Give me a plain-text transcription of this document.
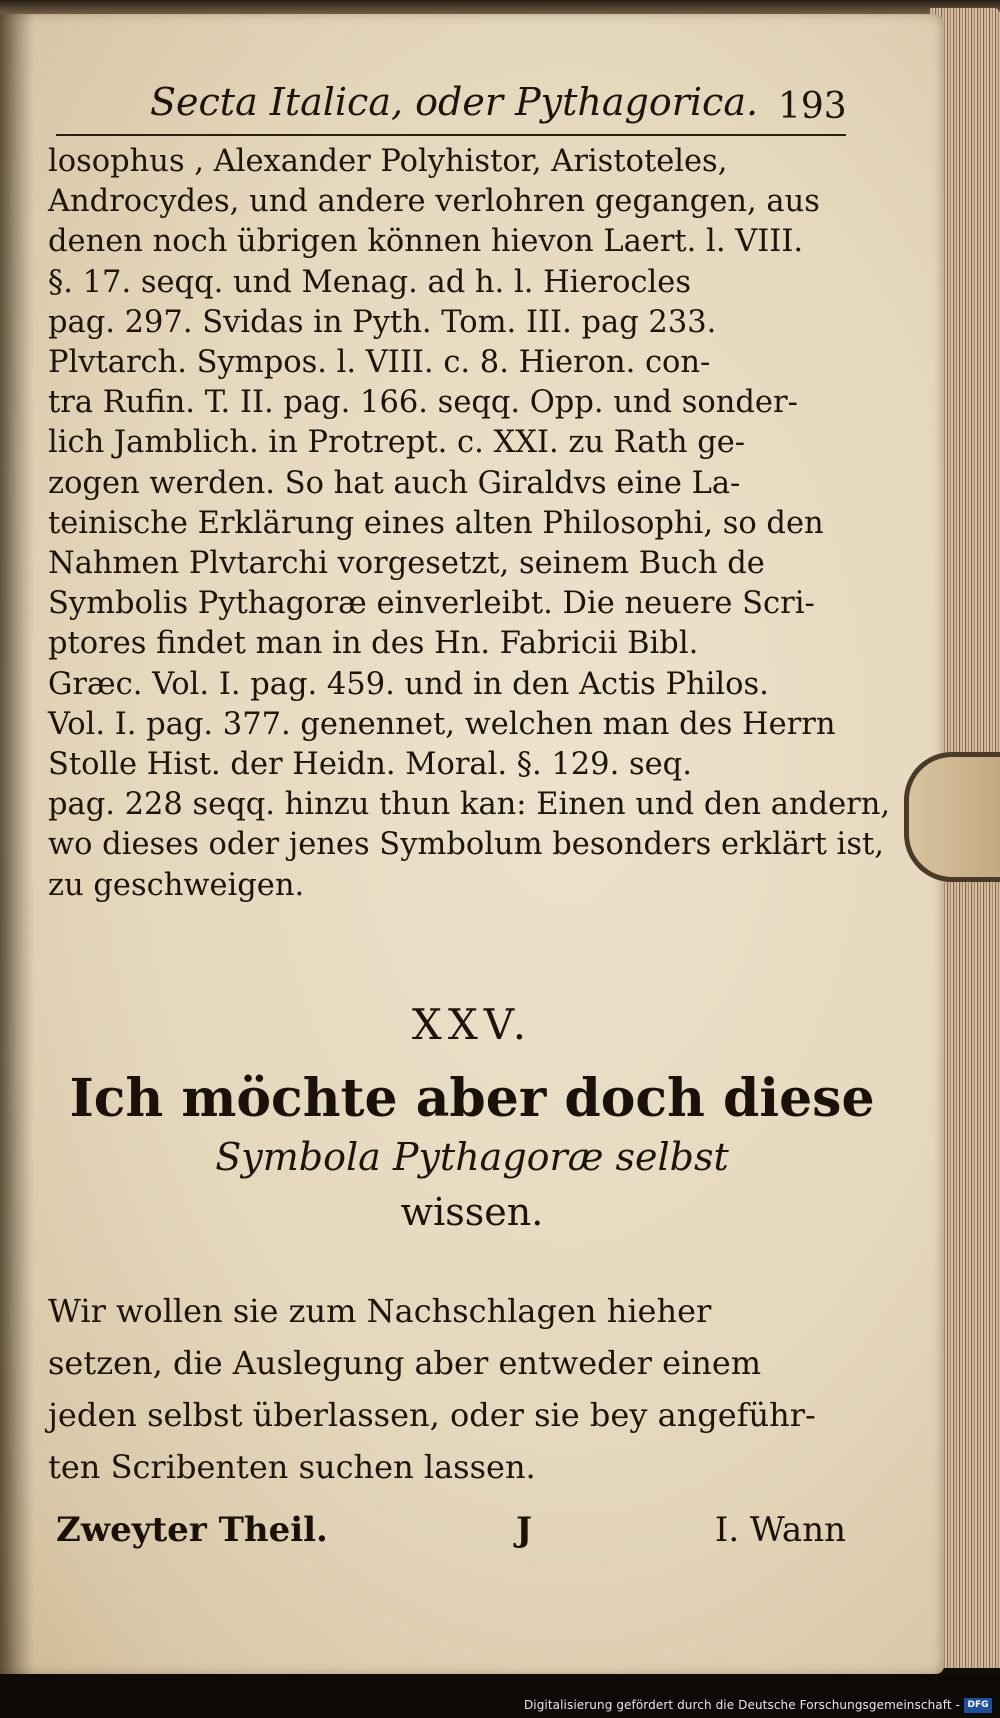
Secta Italica, oder Pythagorica. 193
losophus , Alexander Polyhistor, Aristoteles,
Androcydes, und andere verlohren gegangen, aus
denen noch übrigen können hievon Laert. l. VIII.
§. 17. seqq. und Menag. ad h. l. Hierocles
pag. 297. Svidas in Pyth. Tom. III. pag 233.
Plvtarch. Sympos. l. VIII. c. 8. Hieron. con-
tra Rufin. T. II. pag. 166. seqq. Opp. und sonder-
lich Jamblich. in Protrept. c. XXI. zu Rath ge-
zogen werden. So hat auch Giraldvs eine La-
teinische Erklärung eines alten Philosophi, so den
Nahmen Plvtarchi vorgesetzt, seinem Buch de
Symbolis Pythagoræ einverleibt. Die neuere Scri-
ptores findet man in des Hn. Fabricii Bibl.
Græc. Vol. I. pag. 459. und in den Actis Philos.
Vol. I. pag. 377. genennet, welchen man des Herrn
Stolle Hist. der Heidn. Moral. §. 129. seq.
pag. 228 seqq. hinzu thun kan: Einen und den andern,
wo dieses oder jenes Symbolum besonders erklärt ist,
zu geschweigen.
XXV.
Ich möchte aber doch diese
Symbola Pythagoræ selbst
wissen.
Wir wollen sie zum Nachschlagen hieher
setzen, die Auslegung aber entweder einem
jeden selbst überlassen, oder sie bey angeführ-
ten Scribenten suchen lassen.
Zweyter Theil.	J	I. Wann
Digitalisierung gefördert durch die Deutsche Forschungsgemeinschaft - DFG
